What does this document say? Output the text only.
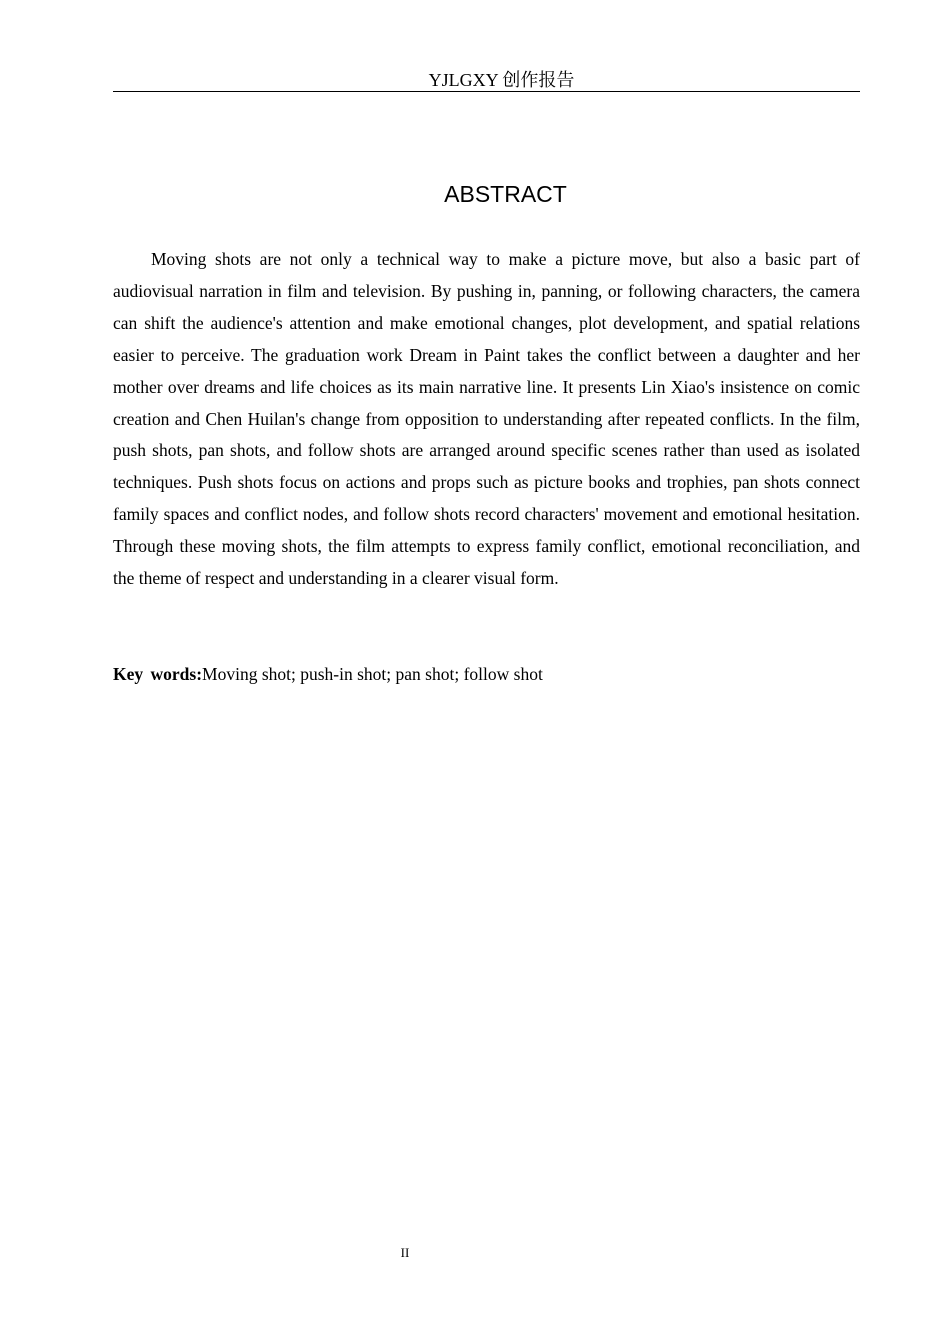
YJLGXY 创作报告
ABSTRACT

Moving shots are not only a technical way to make a picture move, but also a basic part of audiovisual narration in film and television. By pushing in, panning, or following characters, the camera can shift the audience's attention and make emotional changes, plot development, and spatial relations easier to perceive. The graduation work Dream in Paint takes the conflict between a daughter and her mother over dreams and life choices as its main narrative line. It presents Lin Xiao's insistence on comic creation and Chen Huilan's change from opposition to understanding after repeated conflicts. In the film, push shots, pan shots, and follow shots are arranged around specific scenes rather than used as isolated techniques. Push shots focus on actions and props such as picture books and trophies, pan shots connect family spaces and conflict nodes, and follow shots record characters' movement and emotional hesitation. Through these moving shots, the film attempts to express family conflict, emotional reconciliation, and the theme of respect and understanding in a clearer visual form.

Key words:Moving shot; push-in shot; pan shot; follow shot

II
